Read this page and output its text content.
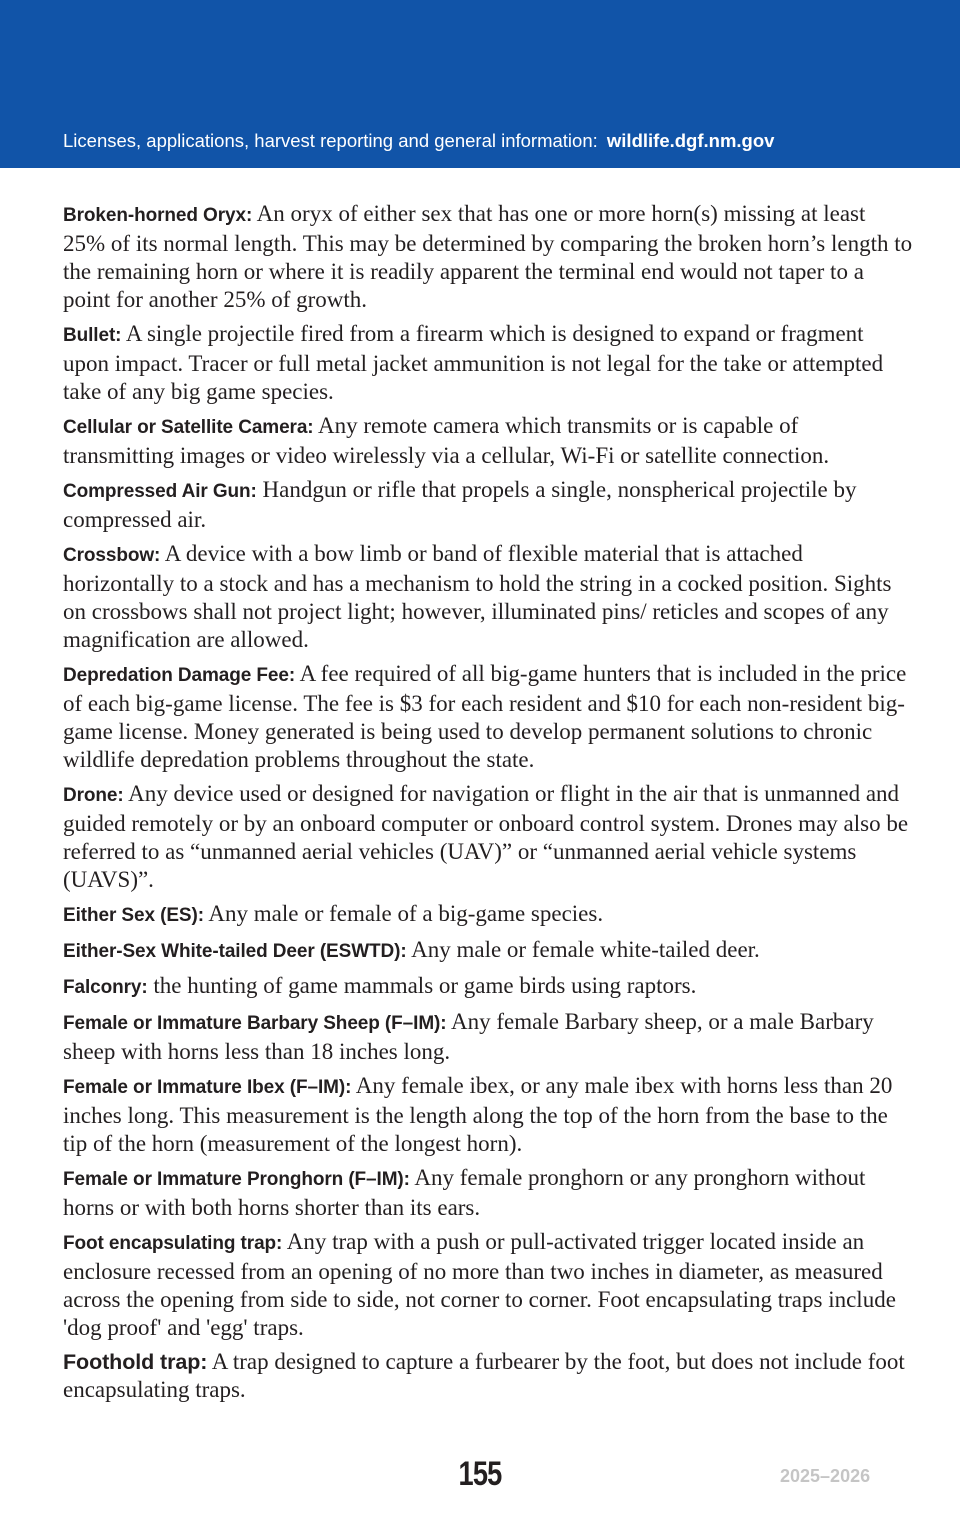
Licenses, applications, harvest reporting and general information: wildlife.dgf.nm.gov

Broken-horned Oryx: An oryx of either sex that has one or more horn(s) missing at least 25% of its normal length. This may be determined by comparing the broken horn’s length to the remaining horn or where it is readily apparent the terminal end would not taper to a point for another 25% of growth.

Bullet: A single projectile fired from a firearm which is designed to expand or fragment upon impact. Tracer or full metal jacket ammunition is not legal for the take or attempted take of any big game species.

Cellular or Satellite Camera: Any remote camera which transmits or is capable of transmitting images or video wirelessly via a cellular, Wi-Fi or satellite connection.

Compressed Air Gun: Handgun or rifle that propels a single, nonspherical projectile by compressed air.

Crossbow: A device with a bow limb or band of flexible material that is attached horizontally to a stock and has a mechanism to hold the string in a cocked position. Sights on crossbows shall not project light; however, illuminated pins/ reticles and scopes of any magnification are allowed.

Depredation Damage Fee: A fee required of all big-game hunters that is included in the price of each big-game license. The fee is $3 for each resident and $10 for each non-resident big-game license. Money generated is being used to develop permanent solutions to chronic wildlife depredation problems throughout the state.

Drone: Any device used or designed for navigation or flight in the air that is unmanned and guided remotely or by an onboard computer or onboard control system. Drones may also be referred to as “unmanned aerial vehicles (UAV)” or “unmanned aerial vehicle systems (UAVS)”.

Either Sex (ES): Any male or female of a big-game species.

Either-Sex White-tailed Deer (ESWTD): Any male or female white-tailed deer.

Falconry: the hunting of game mammals or game birds using raptors.

Female or Immature Barbary Sheep (F–IM): Any female Barbary sheep, or a male Barbary sheep with horns less than 18 inches long.

Female or Immature Ibex (F–IM): Any female ibex, or any male ibex with horns less than 20 inches long. This measurement is the length along the top of the horn from the base to the tip of the horn (measurement of the longest horn).

Female or Immature Pronghorn (F–IM): Any female pronghorn or any pronghorn without horns or with both horns shorter than its ears.

Foot encapsulating trap: Any trap with a push or pull-activated trigger located inside an enclosure recessed from an opening of no more than two inches in diameter, as measured across the opening from side to side, not corner to corner. Foot encapsulating traps include 'dog proof' and 'egg' traps.

Foothold trap: A trap designed to capture a furbearer by the foot, but does not include foot encapsulating traps.

155	2025–2026
